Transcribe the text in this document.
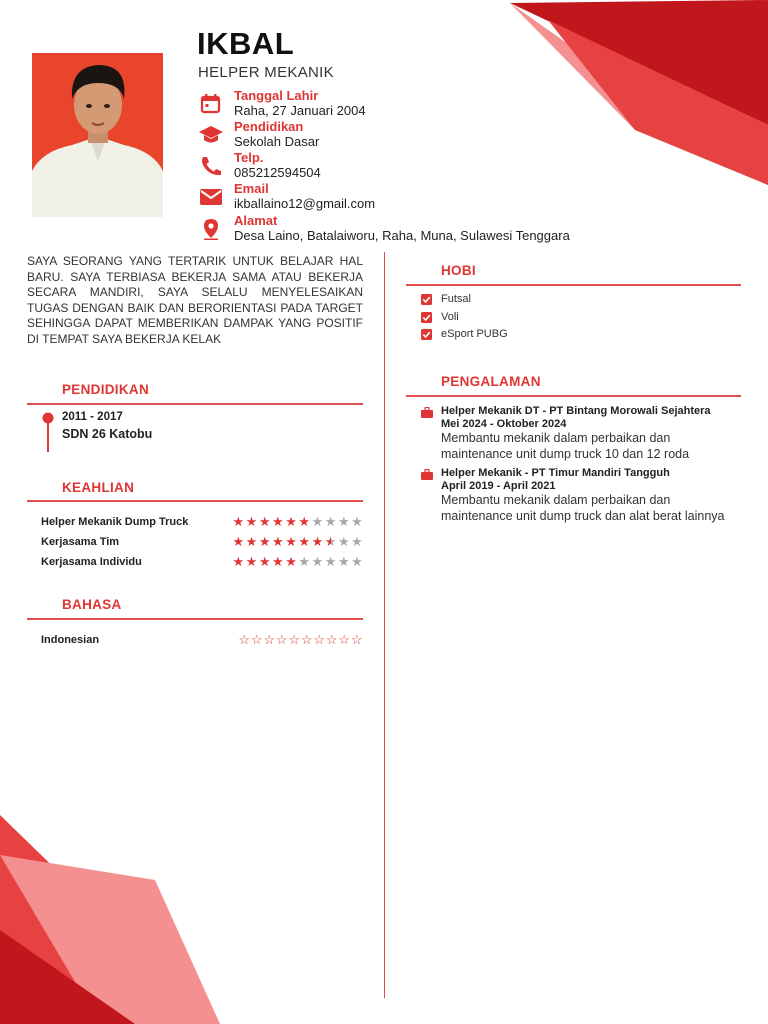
IKBAL
HELPER MEKANIK
Tanggal Lahir
Raha, 27 Januari 2004
Pendidikan
Sekolah Dasar
Telp.
085212594504
Email
ikballaino12@gmail.com
Alamat
Desa Laino, Batalaiworu, Raha, Muna, Sulawesi Tenggara

SAYA SEORANG YANG TERTARIK UNTUK BELAJAR HAL BARU. SAYA TERBIASA BEKERJA SAMA ATAU BEKERJA SECARA MANDIRI, SAYA SELALU MENYELESAIKAN TUGAS DENGAN BAIK DAN BERORIENTASI PADA TARGET SEHINGGA DAPAT MEMBERIKAN DAMPAK YANG POSITIF DI TEMPAT SAYA BEKERJA KELAK

PENDIDIKAN
2011 - 2017
SDN 26 Katobu
KEAHLIAN
Helper Mekanik Dump Truck	★ ★ ★ ★ ★ ★ ★ ★ ★ ★
Kerjasama Tim	★ ★ ★ ★ ★ ★ ★ ★ ★ ★
Kerjasama Individu	★ ★ ★ ★ ★ ★ ★ ★ ★ ★
BAHASA
Indonesian	☆ ☆ ☆ ☆ ☆ ☆ ☆ ☆ ☆ ☆
HOBI
Futsal
Voli
eSport PUBG
PENGALAMAN
Helper Mekanik DT - PT Bintang Morowali Sejahtera
Mei 2024 - Oktober 2024
Membantu mekanik dalam perbaikan dan maintenance unit dump truck 10 dan 12 roda
Helper Mekanik - PT Timur Mandiri Tangguh
April 2019 - April 2021
Membantu mekanik dalam perbaikan dan maintenance unit dump truck dan alat berat lainnya
